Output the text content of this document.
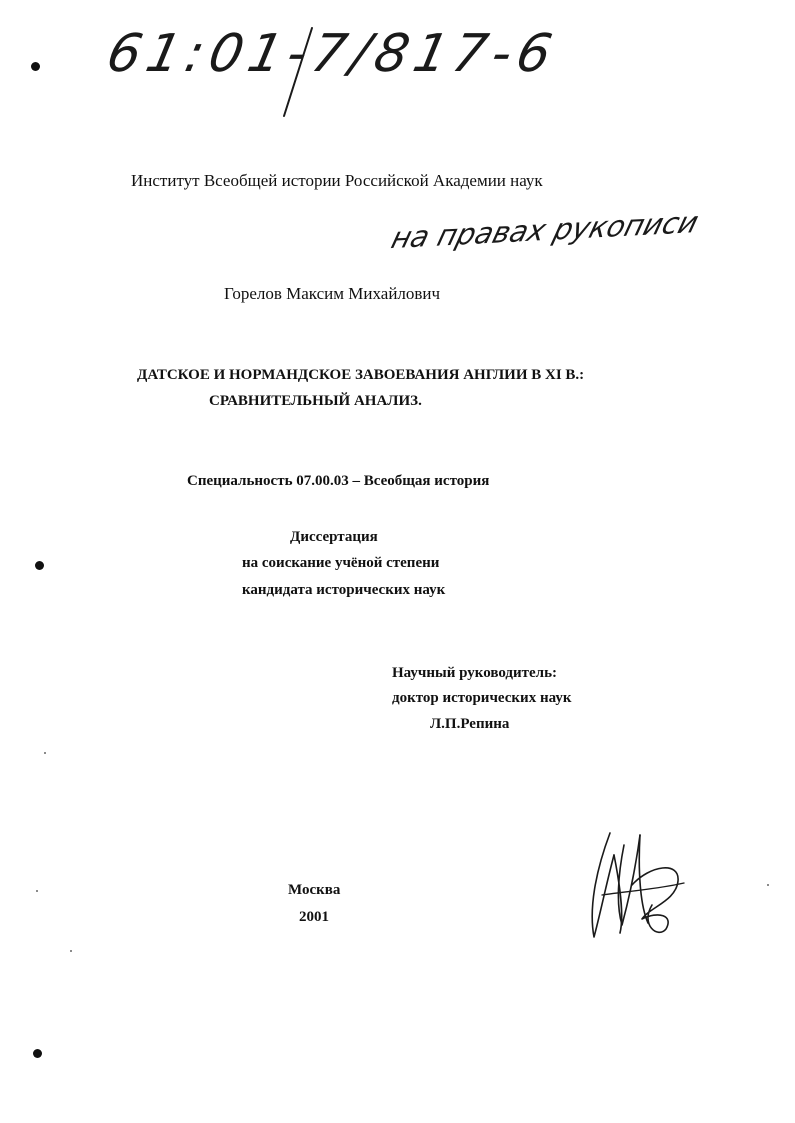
61:01-7/817-6
Институт Всеобщей истории Российской Академии наук
на правах рукописи
Горелов Максим Михайлович
ДАТСКОЕ И НОРМАНДСКОЕ ЗАВОЕВАНИЯ АНГЛИИ В XI В.:
СРАВНИТЕЛЬНЫЙ АНАЛИЗ.
Специальность 07.00.03 – Всеобщая история
Диссертация
на соискание учёной степени
кандидата исторических наук
Научный руководитель:
доктор исторических наук
Л.П.Репина
Москва
2001
